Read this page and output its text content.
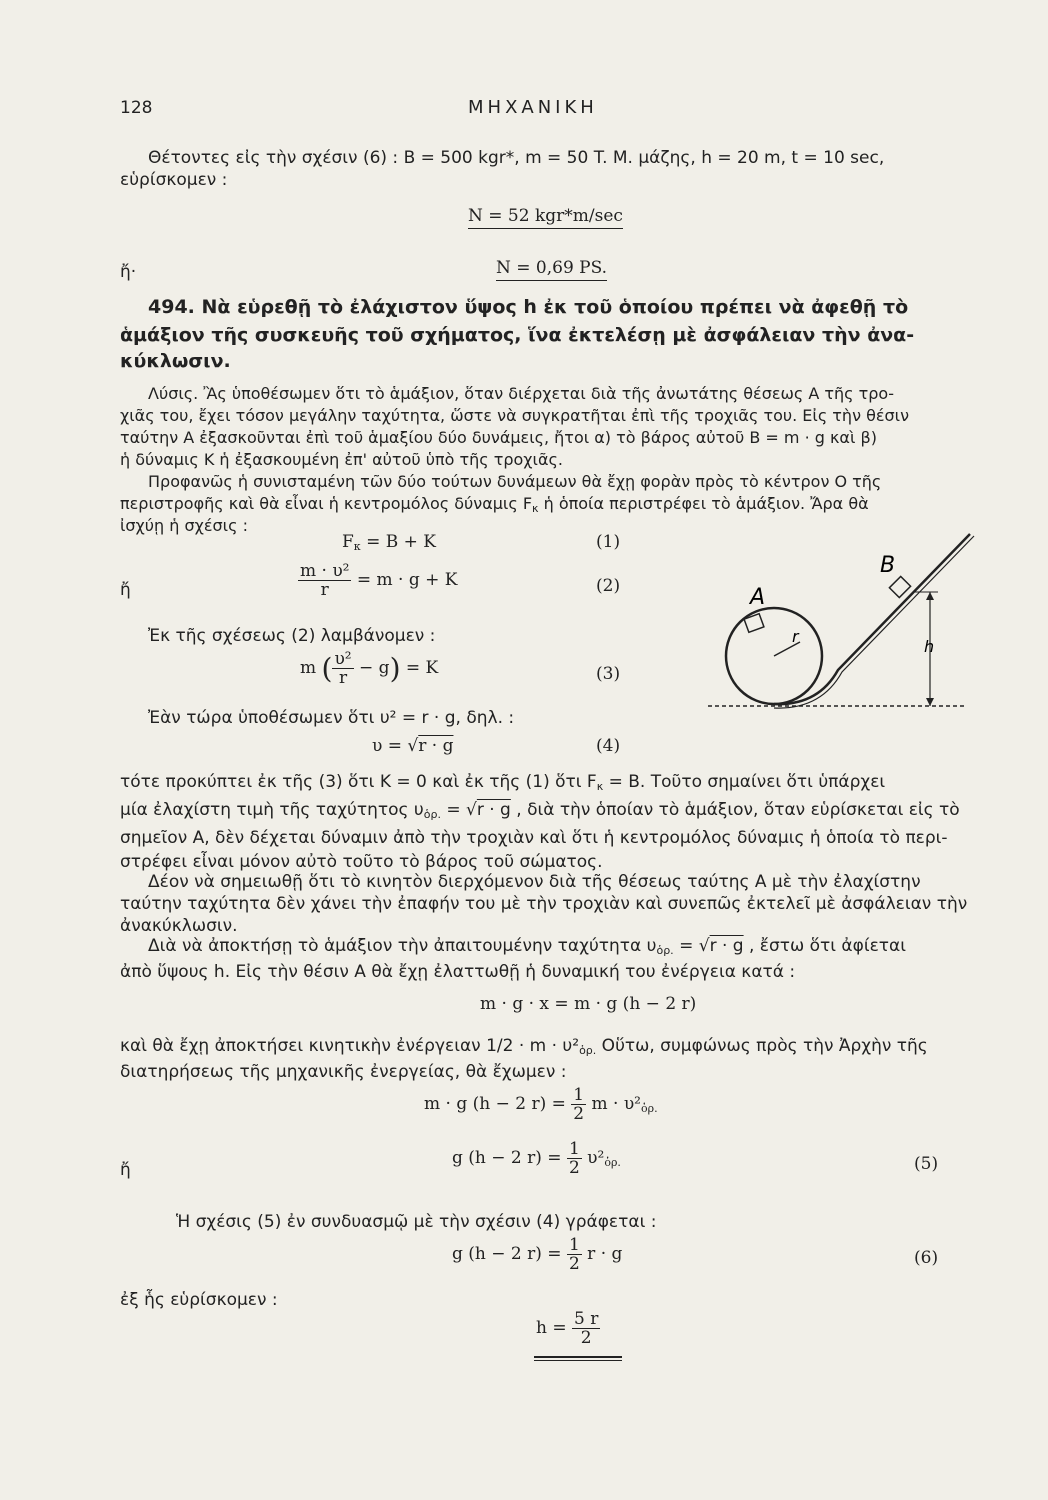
128	ΜΗΧΑΝΙΚΗ
Θέτοντες εἰς τὴν σχέσιν (6) : B = 500 kgr*, m = 50 T. M. μάζης, h = 20 m, t = 10 sec,
εὑρίσκομεν :
N = 52 kgr*m/sec
ἤ·	N = 0,69 PS.
494. Νὰ εὑρεθῇ τὸ ἐλάχιστον ὕψος h ἐκ τοῦ ὁποίου πρέπει νὰ ἀφεθῇ τὸ
ἁμάξιον τῆς συσκευῆς τοῦ σχήματος, ἵνα ἐκτελέσῃ μὲ ἀσφάλειαν τὴν ἀνα-
κύκλωσιν.
Λύσις. Ἂς ὑποθέσωμεν ὅτι τὸ ἁμάξιον, ὅταν διέρχεται διὰ τῆς ἀνωτάτης θέσεως A τῆς τρο-
χιᾶς του, ἔχει τόσον μεγάλην ταχύτητα, ὥστε νὰ συγκρατῆται ἐπὶ τῆς τροχιᾶς του. Εἰς τὴν θέσιν
ταύτην A ἐξασκοῦνται ἐπὶ τοῦ ἁμαξίου δύο δυνάμεις, ἤτοι α) τὸ βάρος αὐτοῦ B = m · g καὶ β)
ἡ δύναμις K ἡ ἐξασκουμένη ἐπ' αὐτοῦ ὑπὸ τῆς τροχιᾶς.
Προφανῶς ἡ συνισταμένη τῶν δύο τούτων δυνάμεων θὰ ἔχῃ φορὰν πρὸς τὸ κέντρον O τῆς
περιστροφῆς καὶ θὰ εἶναι ἡ κεντρομόλος δύναμις $F_\kappa$ ἡ ὁποία περιστρέφει τὸ ἁμάξιον. Ἄρα θὰ
ἰσχύῃ ἡ σχέσις :
$F_\kappa = B + K$	(1)
ἤ	$\frac{\text{m · υ²}}{r} = m \cdot g + K$	(2)
Ἐκ τῆς σχέσεως (2) λαμβάνομεν :
m ( $\frac{\text{υ²}}{r} - g) = K$	(3)
Ἐὰν τώρα ὑποθέσωμεν ὅτι υ² = r · g, δηλ. :
υ = √r · g	(4)
r
A
B
h
τότε προκύπτει ἐκ τῆς (3) ὅτι K = 0 καὶ ἐκ τῆς (1) ὅτι $F_\kappa = B$. Τοῦτο σημαίνει ὅτι ὑπάρχει
μία ἐλαχίστη τιμὴ τῆς ταχύτητος $\upsilon_{ὁ\rho.} = √r \cdot g$ , διὰ τὴν ὁποίαν τὸ ἁμάξιον, ὅταν εὑρίσκεται εἰς τὸ
σημεῖον A, δὲν δέχεται δύναμιν ἀπὸ τὴν τροχιὰν καὶ ὅτι ἡ κεντρομόλος δύναμις ἡ ὁποία τὸ περι-
στρέφει εἶναι μόνον αὐτὸ τοῦτο τὸ βάρος τοῦ σώματος.
Δέον νὰ σημειωθῇ ὅτι τὸ κινητὸν διερχόμενον διὰ τῆς θέσεως ταύτης A μὲ τὴν ἐλαχίστην
ταύτην ταχύτητα δὲν χάνει τὴν ἐπαφήν του μὲ τὴν τροχιὰν καὶ συνεπῶς ἐκτελεῖ μὲ ἀσφάλειαν τὴν
ἀνακύκλωσιν.
Διὰ νὰ ἀποκτήσῃ τὸ ἁμάξιον τὴν ἀπαιτουμένην ταχύτητα $\upsilon_{ὁ\rho.} = √r \cdot g$ , ἔστω ὅτι ἀφίεται
ἀπὸ ὕψους h. Εἰς τὴν θέσιν A θὰ ἔχῃ ἐλαττωθῇ ἡ δυναμική του ἐνέργεια κατά :
m · g · x = m · g (h − 2 r)
καὶ θὰ ἔχῃ ἀποκτήσει κινητικὴν ἐνέργειαν $1/2 \cdot m \cdot \upsilon^2_{ὁ\rho.}$ Οὕτω, συμφώνως πρὸς τὴν Ἀρχὴν τῆς
διατηρήσεως τῆς μηχανικῆς ἐνεργείας, θὰ ἔχωμεν :
m · g (h − 2 $r) = \frac{1}{2}$ $m \cdot \upsilon^2_{ὁ\rho.}$
ἤ
g (h − 2 $r) = \frac{1}{2} \upsilon^2_{ὁ\rho.}$	(5)
Ἡ σχέσις (5) ἐν συνδυασμῷ μὲ τὴν σχέσιν (4) γράφεται :
g (h − 2 $r) = \frac{1}{2}$ r · g	(6)
ἐξ ἧς εὑρίσκομεν :
$h = \frac{5 r}{2}$
